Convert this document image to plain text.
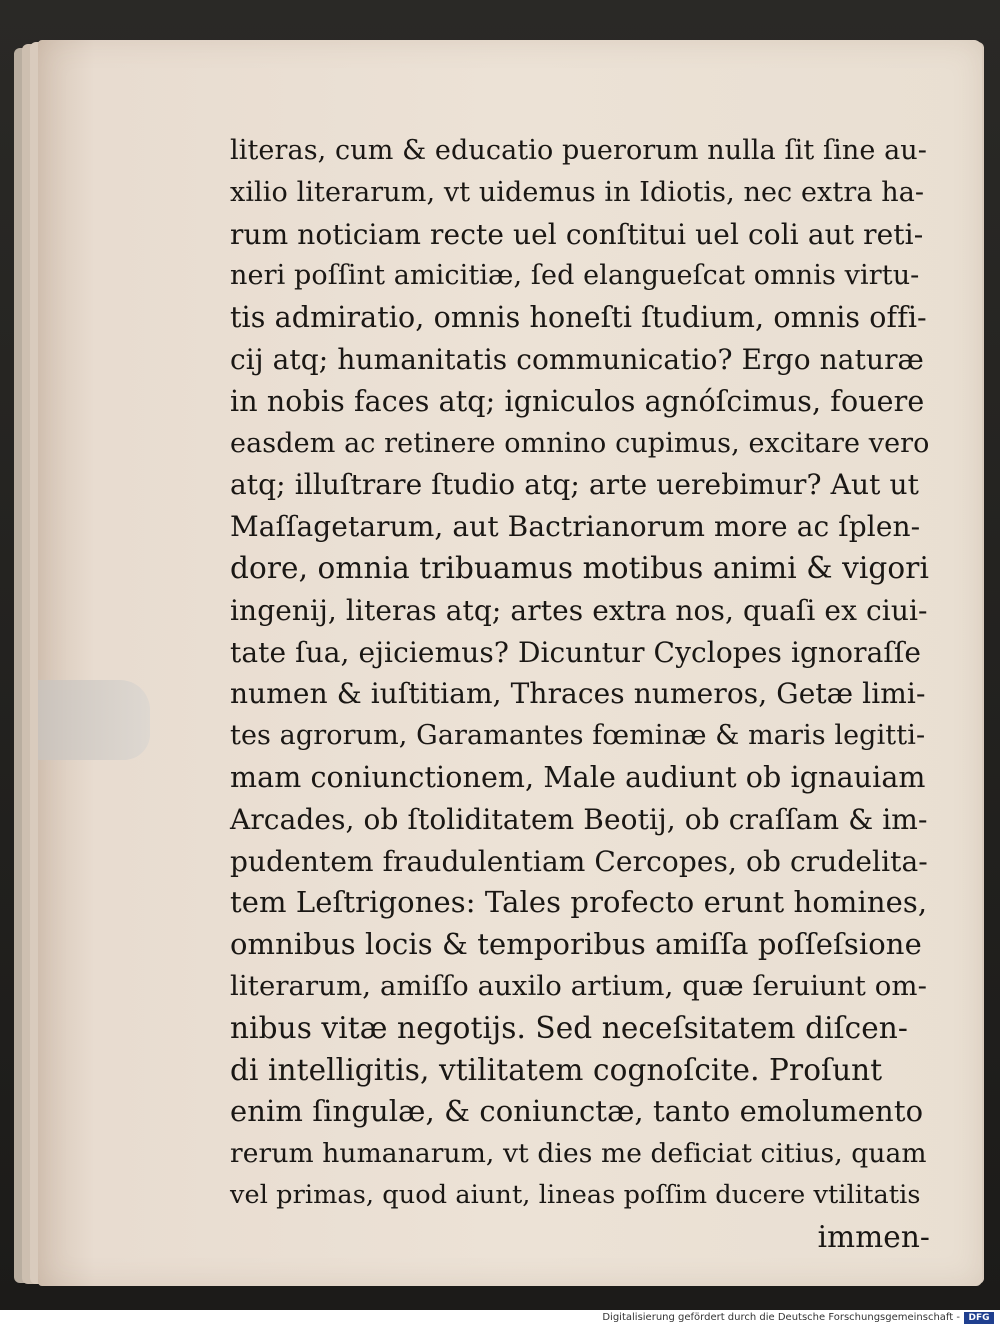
literas, cum & educatio puerorum nulla ſit ſine au-
xilio literarum, vt uidemus in Idiotis, nec extra ha-
rum noticiam recte uel conſtitui uel coli aut reti-
neri poſſint amicitiæ, ſed elangueſcat omnis virtu-
tis admiratio, omnis honeſti ſtudium, omnis offi-
cij atq; humanitatis communicatio? Ergo naturæ
in nobis faces atq; igniculos agnóſcimus, fouere
easdem ac retinere omnino cupimus, excitare vero
atq; illuſtrare ſtudio atq; arte uerebimur? Aut ut
Maſſagetarum, aut Bactrianorum more ac ſplen-
dore, omnia tribuamus motibus animi & vigori
ingenij, literas atq; artes extra nos, quaſi ex ciui-
tate ſua, ejiciemus? Dicuntur Cyclopes ignoraſſe
numen & iuſtitiam, Thraces numeros, Getæ limi-
tes agrorum, Garamantes fœminæ & maris legitti-
mam coniunctionem, Male audiunt ob ignauiam
Arcades, ob ſtoliditatem Beotij, ob craſſam & im-
pudentem fraudulentiam Cercopes, ob crudelita-
tem Leſtrigones: Tales profecto erunt homines,
omnibus locis & temporibus amiſſa poſſeſsione
literarum, amiſſo auxilo artium, quæ ſeruiunt om-
nibus vitæ negotijs. Sed neceſsitatem diſcen-
di intelligitis, vtilitatem cognoſcite. Proſunt
enim ſingulæ, & coniunctæ, tanto emolumento
rerum humanarum, vt dies me deficiat citius, quam
vel primas, quod aiunt, lineas poſſim ducere vtilitatis
immen-
Digitalisierung gefördert durch die Deutsche Forschungsgemeinschaft - DFG
